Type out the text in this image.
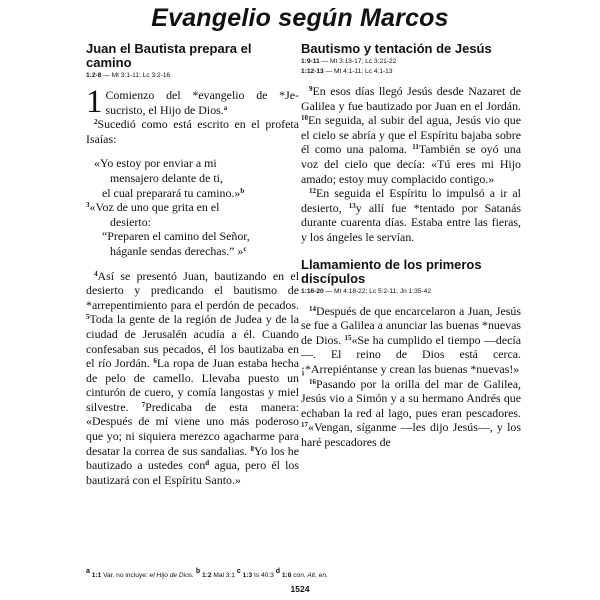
Evangelio según Marcos
Juan el Bautista prepara el camino
1:2-8 — Mt 3:1-11; Lc 3:2-16

1 Comienzo del *evangelio de *Jesucristo, el Hijo de Dios.$^a$

$^2$Sucedió como está escrito en el profeta Isaías:

«Yo estoy por enviar a mi
mensajero delante de ti,
el cual preparará tu camino.»$^b$
$^3$«Voz de uno que grita en el
desierto:
“Preparen el camino del Señor,
háganle sendas derechas.” »$^c$

$^4$Así se presentó Juan, bautizando en el desierto y predicando el bautismo de *arrepentimiento para el perdón de pecados. $^5$Toda la gente de la región de Judea y de la ciudad de Jerusalén acudía a él. Cuando confesaban sus pecados, él los bautizaba en el río Jordán. $^6$La ropa de Juan estaba hecha de pelo de camello. Llevaba puesto un cinturón de cuero, y comía langostas y miel silvestre. $^7$Predicaba de esta manera: «Después de mí viene uno más poderoso que yo; ni siquiera merezco agacharme para desatar la correa de sus sandalias. $^8$Yo los he bautizado a ustedes con$^d$ agua, pero él los bautizará con el Espíritu Santo.»

Bautismo y tentación de Jesús
1:9-11 — Mt 3:13-17; Lc 3:21-22
1:12-13 — Mt 4:1-11; Lc 4:1-13

$^9$En esos días llegó Jesús desde Nazaret de Galilea y fue bautizado por Juan en el Jordán. $^{10}$En seguida, al subir del agua, Jesús vio que el cielo se abría y que el Espíritu bajaba sobre él como una paloma. $^{11}$También se oyó una voz del cielo que decía: «Tú eres mi Hijo amado; estoy muy complacido contigo.»

$^{12}$En seguida el Espíritu lo impulsó a ir al desierto, $^{13}$y allí fue *tentado por Satanás durante cuarenta días. Estaba entre las fieras, y los ángeles le servían.

Llamamiento de los primeros discípulos
1:16-20 — Mt 4:18-22; Lc 5:2-11; Jn 1:35-42

$^{14}$Después de que encarcelaron a Juan, Jesús se fue a Galilea a anunciar las buenas *nuevas de Dios. $^{15}$«Se ha cumplido el tiempo —decía—. El reino de Dios está cerca. ¡*Arrepiéntanse y crean las buenas *nuevas!»

$^{16}$Pasando por la orilla del mar de Galilea, Jesús vio a Simón y a su hermano Andrés que echaban la red al lago, pues eran pescadores. $^{17}$«Vengan, síganme —les dijo Jesús—, y los haré pescadores de

$^a$ 1:1 Var. no incluye: el Hijo de Dios. $^b$ 1:2 Mal 3:1 $^c$ 1:3 Is 40:3 $^d$ 1:8 con. Alt. en.
1524
